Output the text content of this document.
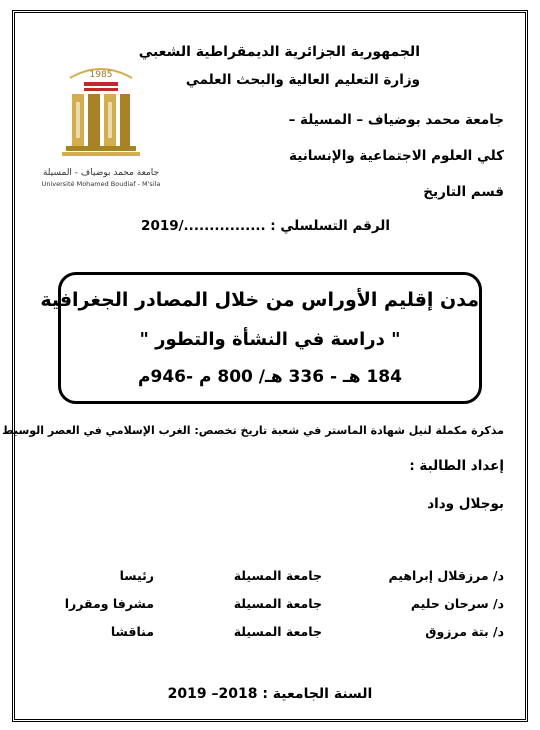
الجمهورية الجزائرية الديمقراطية الشعبي
وزارة التعليم العالية والبحث العلمي
جامعة محمد بوضياف – المسيلة –
كلي العلوم الاجتماعية والإنسانية
قسم التاريخ
الرقم التسلسلي : ................/2019
1985
جامعة محمد بوضياف - المسيلة
Université Mohamed Boudiaf - M'sila
مدن إقليم الأوراس من خلال المصادر الجغرافية
" دراسة في النشأة والتطور "
184 هـ - 336 هـ/ 800 م -946م
مذكرة مكملة لنيل شهادة الماستر في شعبة تاريخ تخصص: الغرب الإسلامي في العصر الوسيط
إعداد الطالبة :
بوجلال وداد
د/ مرزقلال إبراهيم
جامعة المسيلة
رئيسا
د/ سرحان حليم
جامعة المسيلة
مشرفا ومقررا
د/ بتة مرزوق
جامعة المسيلة
مناقشا
السنة الجامعية : 2018– 2019
